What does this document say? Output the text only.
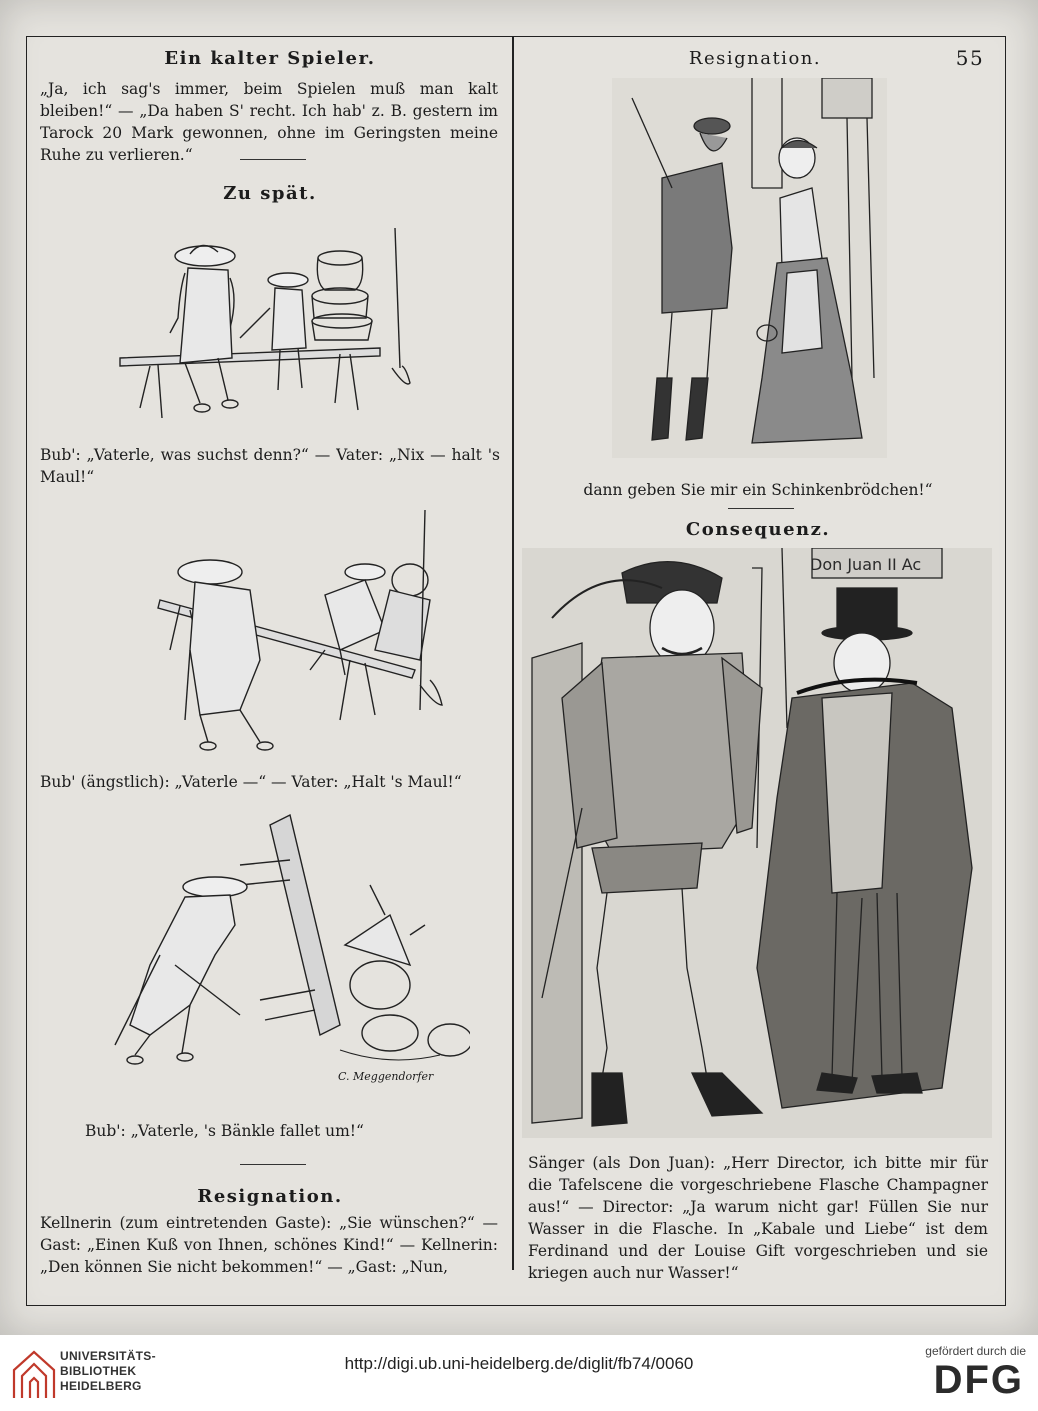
Resignation.	55
Ein kalter Spieler.
„Ja, ich sag's immer, beim Spielen muß man kalt bleiben!“ — „Da haben S' recht. Ich hab' z. B. gestern im Tarock 20 Mark gewonnen, ohne im Geringsten meine Ruhe zu verlieren.“
Zu spät.
Bub': „Vaterle, was suchst denn?“ — Vater: „Nix — halt 's Maul!“
Bub' (ängstlich): „Vaterle —“ — Vater: „Halt 's Maul!“
C. Meggendorfer
Bub': „Vaterle, 's Bänkle fallet um!“
Resignation.
Kellnerin (zum eintretenden Gaste): „Sie wünschen?“ — Gast: „Einen Kuß von Ihnen, schönes Kind!“ — Kellnerin: „Den können Sie nicht bekommen!“ — „Gast: „Nun,
dann geben Sie mir ein Schinkenbrödchen!“
Consequenz.
Don Juan II Ac
Sänger (als Don Juan): „Herr Director, ich bitte mir für die Tafelscene die vorgeschriebene Flasche Champagner aus!“ — Director: „Ja warum nicht gar! Füllen Sie nur Wasser in die Flasche. In „Kabale und Liebe“ ist dem Ferdinand und der Louise Gift vorgeschrieben und sie kriegen auch nur Wasser!“
UNIVERSITÄTS-
BIBLIOTHEK
HEIDELBERG
http://digi.ub.uni-heidelberg.de/diglit/fb74/0060
gefördert durch die
DFG
